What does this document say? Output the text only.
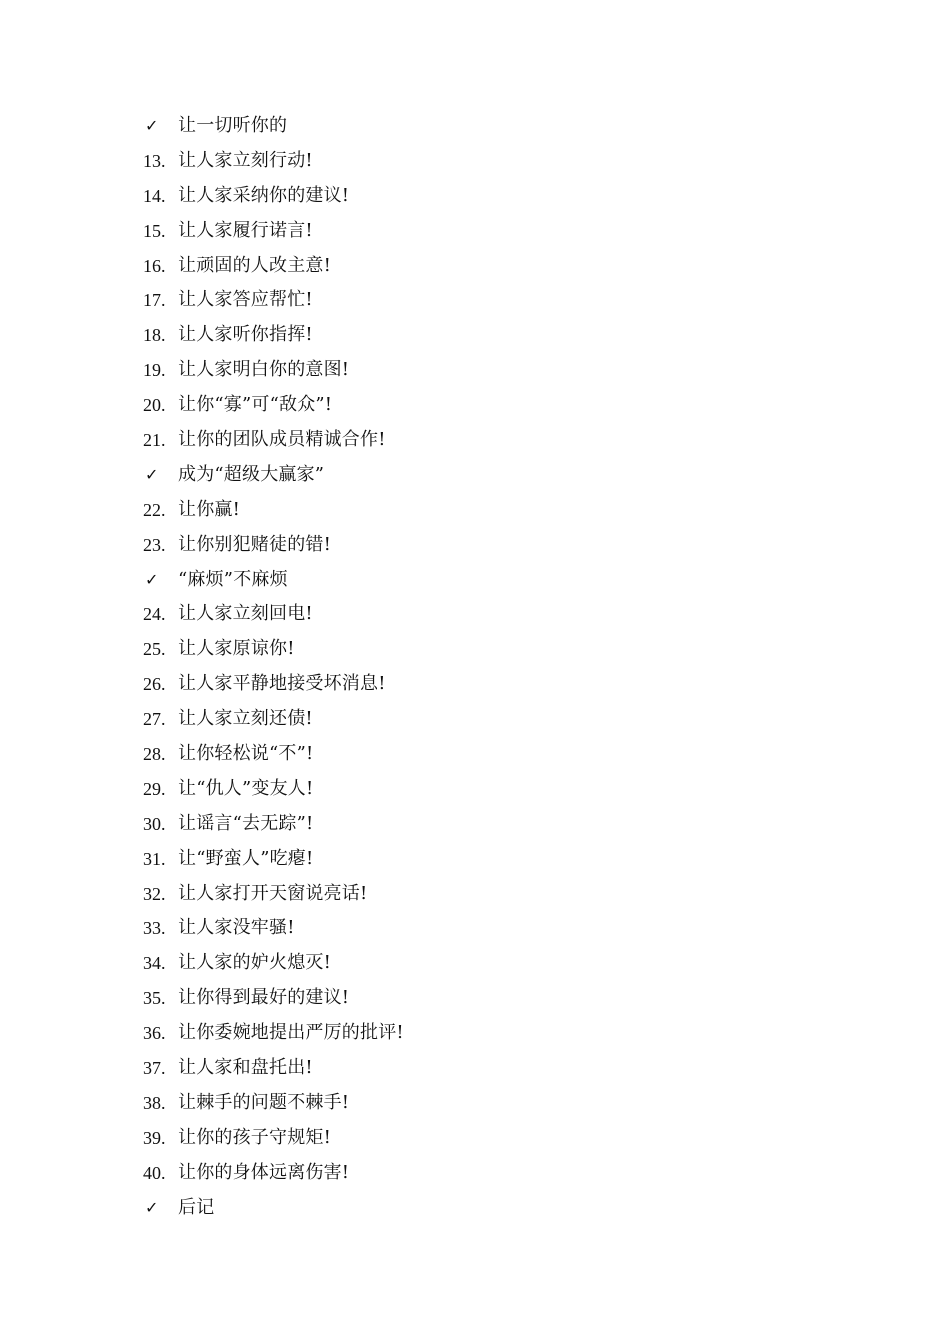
✓	让一切听你的
13. 让人家立刻行动!
14. 让人家采纳你的建议!
15. 让人家履行诺言!
16. 让顽固的人改主意!
17. 让人家答应帮忙!
18. 让人家听你指挥!
19. 让人家明白你的意图!
20. 让你“寡”可“敌众”!
21. 让你的团队成员精诚合作!
✓	成为“超级大赢家”
22. 让你赢!
23. 让你别犯赌徒的错!
✓	“麻烦”不麻烦
24. 让人家立刻回电!
25. 让人家原谅你!
26. 让人家平静地接受坏消息!
27. 让人家立刻还债!
28. 让你轻松说“不”!
29. 让“仇人”变友人!
30. 让谣言“去无踪”!
31. 让“野蛮人”吃瘪!
32. 让人家打开天窗说亮话!
33. 让人家没牢骚!
34. 让人家的妒火熄灭!
35. 让你得到最好的建议!
36. 让你委婉地提出严厉的批评!
37. 让人家和盘托出!
38. 让棘手的问题不棘手!
39. 让你的孩子守规矩!
40. 让你的身体远离伤害!
✓	后记
